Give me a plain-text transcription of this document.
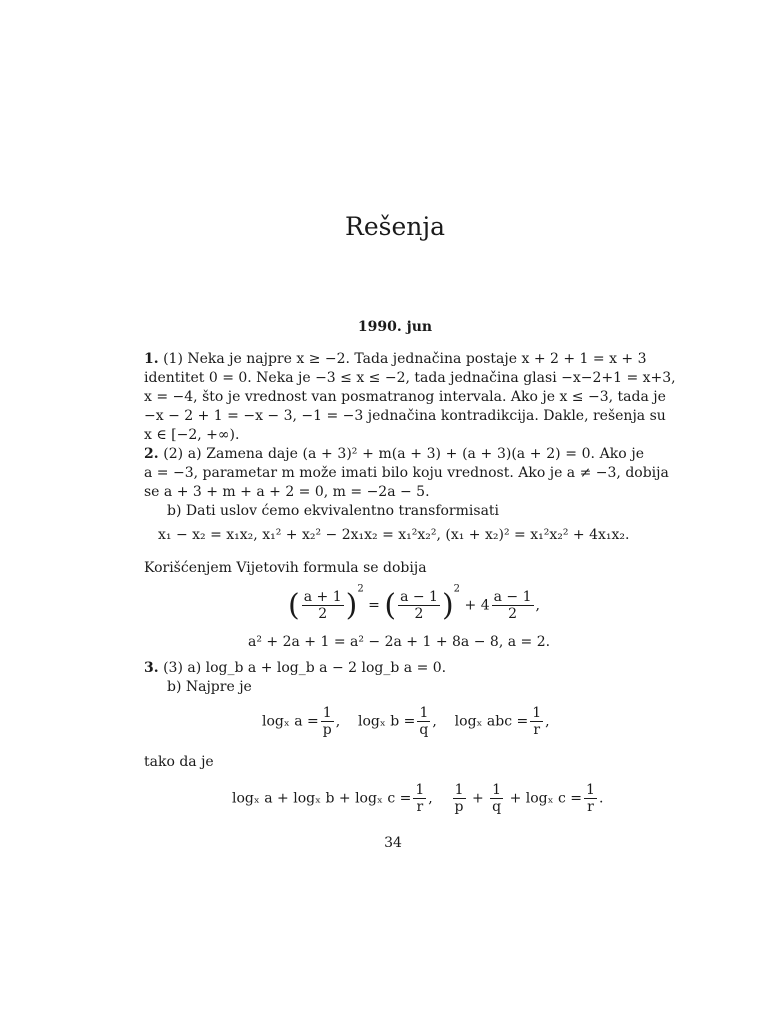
Rešenja
1990. jun
1. (1) Neka je najpre x ≥ −2. Tada jednačina postaje x + 2 + 1 = x + 3
identitet 0 = 0. Neka je −3 ≤ x ≤ −2, tada jednačina glasi −x−2+1 = x+3,
x = −4, što je vrednost van posmatranog intervala. Ako je x ≤ −3, tada je
−x − 2 + 1 = −x − 3, −1 = −3 jednačina kontradikcija. Dakle, rešenja su
x ∈ [−2, +∞).
2. (2) a) Zamena daje (a + 3)² + m(a + 3) + (a + 3)(a + 2) = 0. Ako je
a = −3, parametar m može imati bilo koju vrednost. Ako je a ≠ −3, dobija
se a + 3 + m + a + 2 = 0, m = −2a − 5.
b) Dati uslov ćemo ekvivalentno transformisati
x₁ − x₂ = x₁x₂, x₁² + x₂² − 2x₁x₂ = x₁²x₂², (x₁ + x₂)² = x₁²x₂² + 4x₁x₂.
Korišćenjem Vijetovih formula se dobija
( $\frac{a + 1}{2} )^2$ = ( $\frac{a - 1}{2} )^2 + 4 \frac{a - 1}{2}$ ,
a² + 2a + 1 = a² − 2a + 1 + 8a − 8, a = 2.
3. (3) a) log_b a + log_b a − 2 log_b a = 0.
b) Najpre je
logₓ $a = \frac{1}{p}$ ,    logₓ $b = \frac{1}{q}$ ,    logₓ abc = $\frac{1}{r}$ ,
tako da je
logₓ a + logₓ b + logₓ $c = \frac{1}{r}$ , $\frac{1}{p} + \frac{1}{q} + \log_x$ $c = \frac{1}{r}$ .
34
